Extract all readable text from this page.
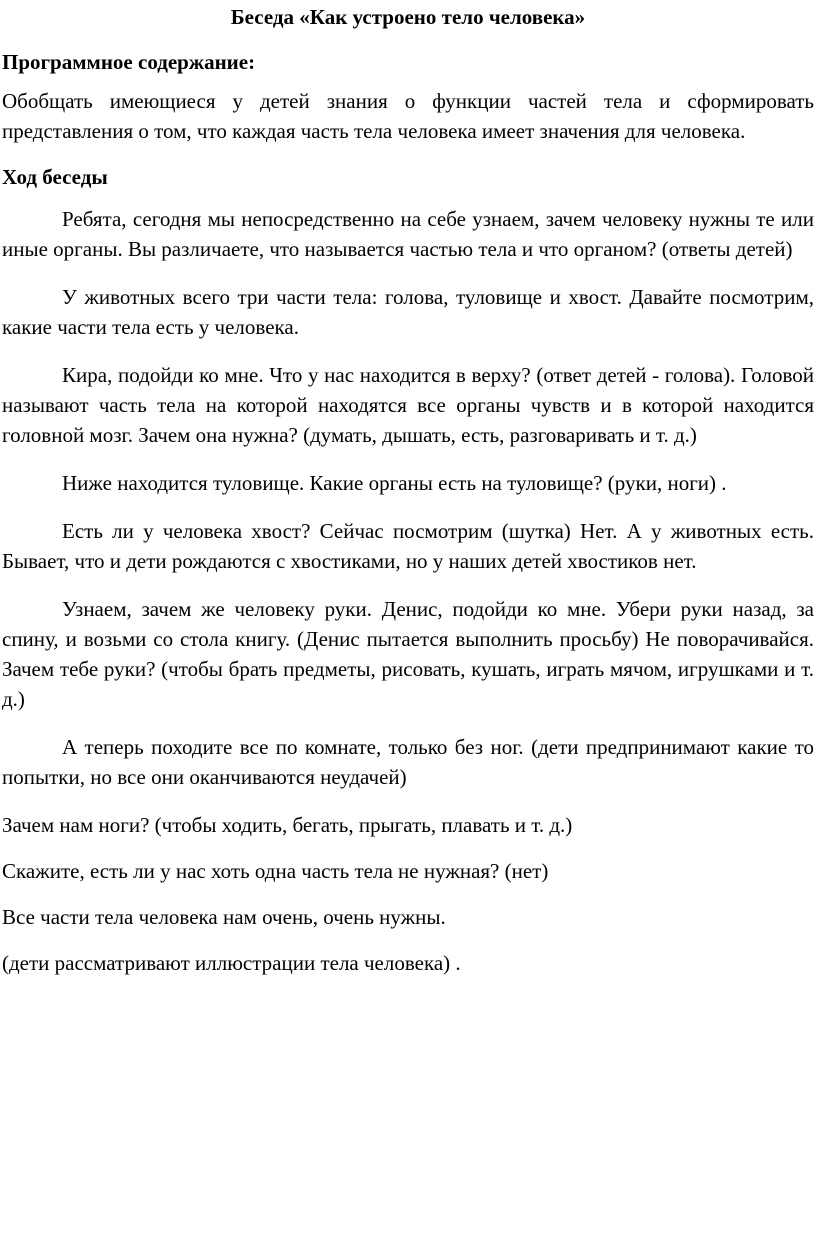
Беседа «Как устроено тело человека»
Программное содержание:
Обобщать имеющиеся у детей знания о функции частей тела и сформировать представления о том, что каждая часть тела человека имеет значения для человека.
Ход беседы
Ребята, сегодня мы непосредственно на себе узнаем, зачем человеку нужны те или иные органы. Вы различаете, что называется частью тела и что органом? (ответы детей)
У животных всего три части тела: голова, туловище и хвост. Давайте посмотрим, какие части тела есть у человека.
Кира, подойди ко мне. Что у нас находится в верху? (ответ детей - голова). Головой называют часть тела на которой находятся все органы чувств и в которой находится головной мозг. Зачем она нужна? (думать, дышать, есть, разговаривать и т. д.)
Ниже находится туловище. Какие органы есть на туловище? (руки, ноги) .
Есть ли у человека хвост? Сейчас посмотрим (шутка) Нет. А у животных есть. Бывает, что и дети рождаются с хвостиками, но у наших детей хвостиков нет.
Узнаем, зачем же человеку руки. Денис, подойди ко мне. Убери руки назад, за спину, и возьми со стола книгу. (Денис пытается выполнить просьбу) Не поворачивайся. Зачем тебе руки? (чтобы брать предметы, рисовать, кушать, играть мячом, игрушками и т. д.)
А теперь походите все по комнате, только без ног. (дети предпринимают какие то попытки, но все они оканчиваются неудачей)
Зачем нам ноги? (чтобы ходить, бегать, прыгать, плавать и т. д.)
Скажите, есть ли у нас хоть одна часть тела не нужная? (нет)
Все части тела человека нам очень, очень нужны.
(дети рассматривают иллюстрации тела человека) .
